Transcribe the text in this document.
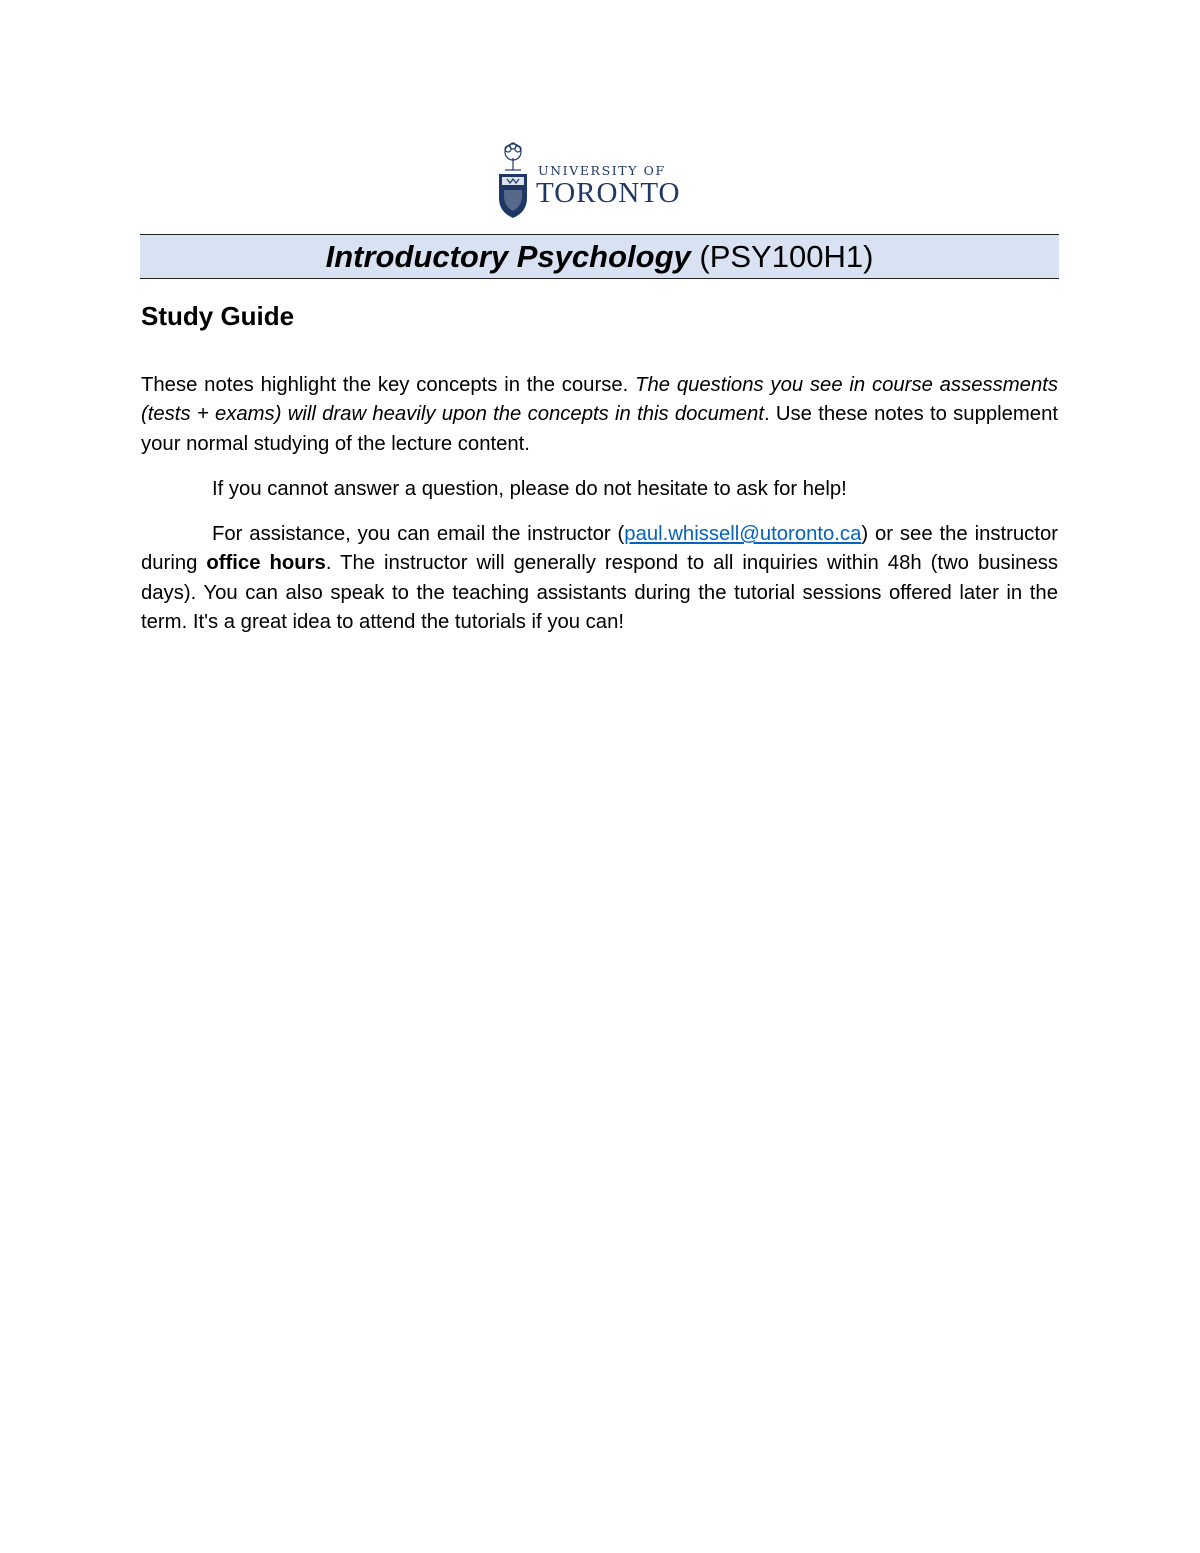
UNIVERSITY OF
TORONTO
Introductory Psychology (PSY100H1)
Study Guide
These notes highlight the key concepts in the course. The questions you see in course assessments (tests + exams) will draw heavily upon the concepts in this document. Use these notes to supplement your normal studying of the lecture content.
If you cannot answer a question, please do not hesitate to ask for help!
For assistance, you can email the instructor (paul.whissell@utoronto.ca) or see the instructor during office hours. The instructor will generally respond to all inquiries within 48h (two business days). You can also speak to the teaching assistants during the tutorial sessions offered later in the term. It's a great idea to attend the tutorials if you can!
